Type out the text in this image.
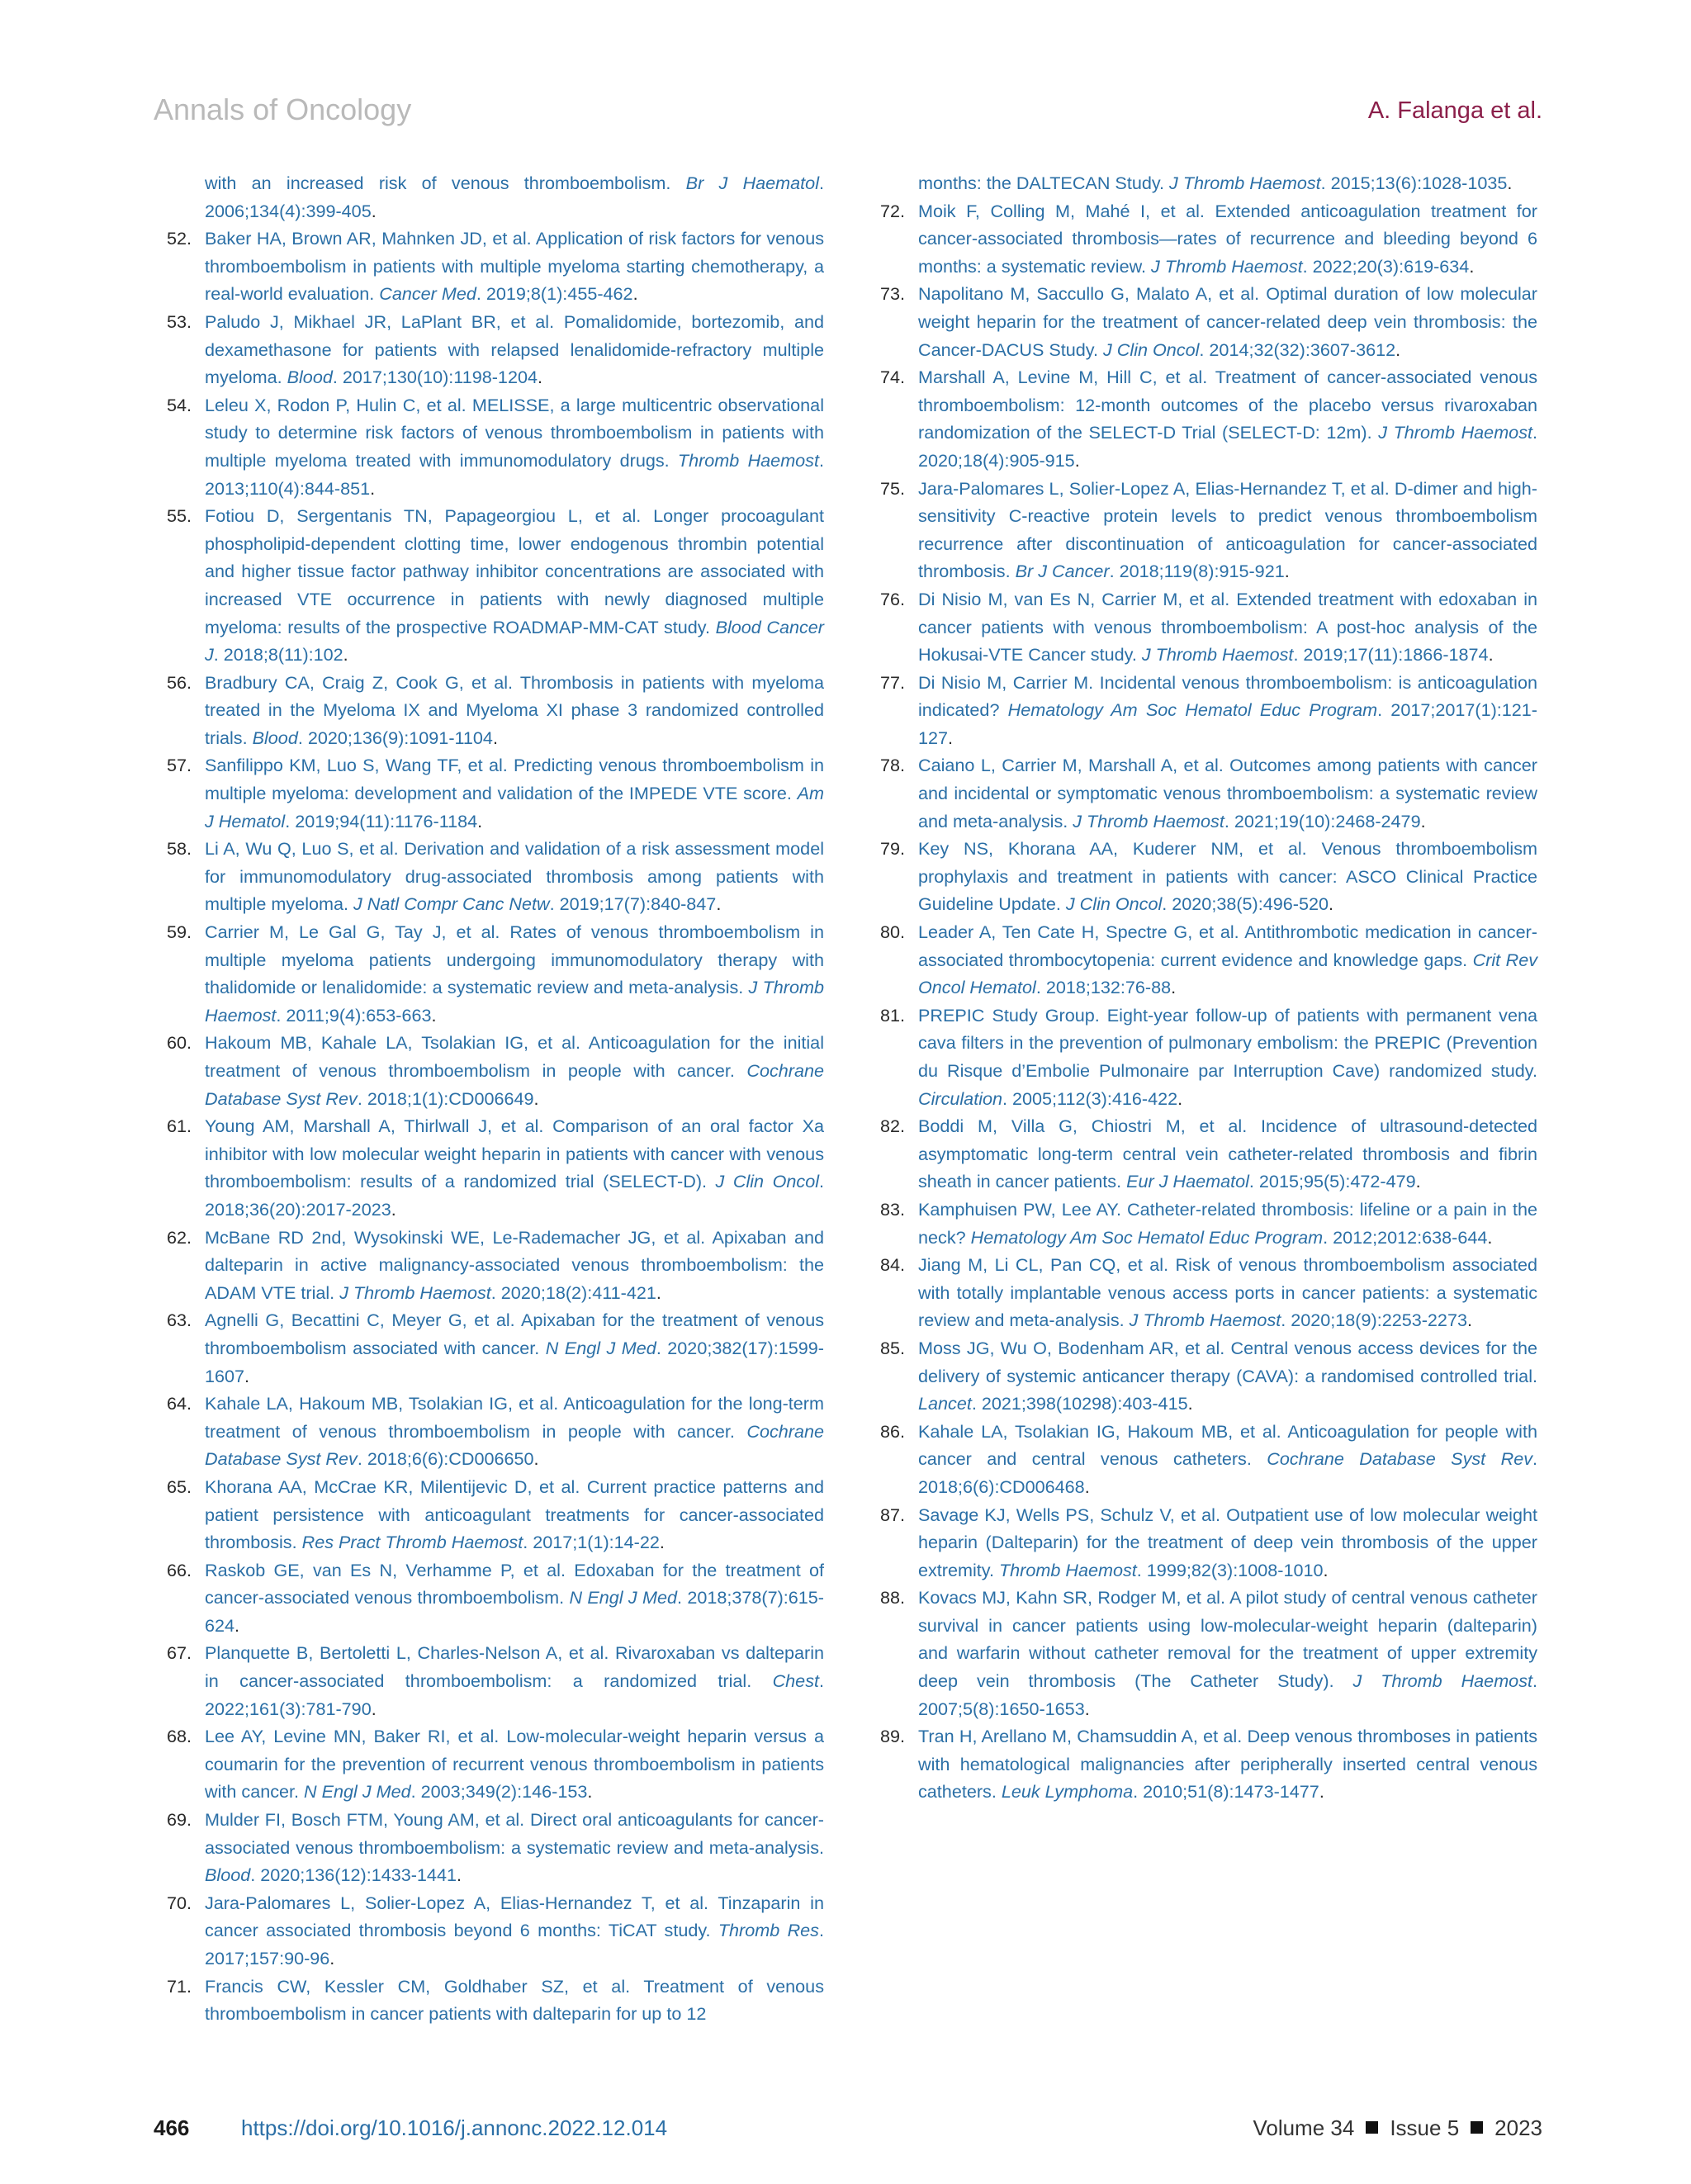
Annals of Oncology	A. Falanga et al.
with an increased risk of venous thromboembolism. Br J Haematol. 2006;134(4):399-405.
52. Baker HA, Brown AR, Mahnken JD, et al. Application of risk factors for venous thromboembolism in patients with multiple myeloma starting chemotherapy, a real-world evaluation. Cancer Med. 2019;8(1):455-462.
53. Paludo J, Mikhael JR, LaPlant BR, et al. Pomalidomide, bortezomib, and dexamethasone for patients with relapsed lenalidomide-refractory multiple myeloma. Blood. 2017;130(10):1198-1204.
54. Leleu X, Rodon P, Hulin C, et al. MELISSE, a large multicentric observational study to determine risk factors of venous thromboembolism in patients with multiple myeloma treated with immunomodulatory drugs. Thromb Haemost. 2013;110(4):844-851.
55. Fotiou D, Sergentanis TN, Papageorgiou L, et al. Longer procoagulant phospholipid-dependent clotting time, lower endogenous thrombin potential and higher tissue factor pathway inhibitor concentrations are associated with increased VTE occurrence in patients with newly diagnosed multiple myeloma: results of the prospective ROADMAP-MM-CAT study. Blood Cancer J. 2018;8(11):102.
56. Bradbury CA, Craig Z, Cook G, et al. Thrombosis in patients with myeloma treated in the Myeloma IX and Myeloma XI phase 3 randomized controlled trials. Blood. 2020;136(9):1091-1104.
57. Sanfilippo KM, Luo S, Wang TF, et al. Predicting venous thromboembolism in multiple myeloma: development and validation of the IMPEDE VTE score. Am J Hematol. 2019;94(11):1176-1184.
58. Li A, Wu Q, Luo S, et al. Derivation and validation of a risk assessment model for immunomodulatory drug-associated thrombosis among patients with multiple myeloma. J Natl Compr Canc Netw. 2019;17(7):840-847.
59. Carrier M, Le Gal G, Tay J, et al. Rates of venous thromboembolism in multiple myeloma patients undergoing immunomodulatory therapy with thalidomide or lenalidomide: a systematic review and meta-analysis. J Thromb Haemost. 2011;9(4):653-663.
60. Hakoum MB, Kahale LA, Tsolakian IG, et al. Anticoagulation for the initial treatment of venous thromboembolism in people with cancer. Cochrane Database Syst Rev. 2018;1(1):CD006649.
61. Young AM, Marshall A, Thirlwall J, et al. Comparison of an oral factor Xa inhibitor with low molecular weight heparin in patients with cancer with venous thromboembolism: results of a randomized trial (SELECT-D). J Clin Oncol. 2018;36(20):2017-2023.
62. McBane RD 2nd, Wysokinski WE, Le-Rademacher JG, et al. Apixaban and dalteparin in active malignancy-associated venous thromboembolism: the ADAM VTE trial. J Thromb Haemost. 2020;18(2):411-421.
63. Agnelli G, Becattini C, Meyer G, et al. Apixaban for the treatment of venous thromboembolism associated with cancer. N Engl J Med. 2020;382(17):1599-1607.
64. Kahale LA, Hakoum MB, Tsolakian IG, et al. Anticoagulation for the long-term treatment of venous thromboembolism in people with cancer. Cochrane Database Syst Rev. 2018;6(6):CD006650.
65. Khorana AA, McCrae KR, Milentijevic D, et al. Current practice patterns and patient persistence with anticoagulant treatments for cancer-associated thrombosis. Res Pract Thromb Haemost. 2017;1(1):14-22.
66. Raskob GE, van Es N, Verhamme P, et al. Edoxaban for the treatment of cancer-associated venous thromboembolism. N Engl J Med. 2018;378(7):615-624.
67. Planquette B, Bertoletti L, Charles-Nelson A, et al. Rivaroxaban vs dalteparin in cancer-associated thromboembolism: a randomized trial. Chest. 2022;161(3):781-790.
68. Lee AY, Levine MN, Baker RI, et al. Low-molecular-weight heparin versus a coumarin for the prevention of recurrent venous thromboembolism in patients with cancer. N Engl J Med. 2003;349(2):146-153.
69. Mulder FI, Bosch FTM, Young AM, et al. Direct oral anticoagulants for cancer-associated venous thromboembolism: a systematic review and meta-analysis. Blood. 2020;136(12):1433-1441.
70. Jara-Palomares L, Solier-Lopez A, Elias-Hernandez T, et al. Tinzaparin in cancer associated thrombosis beyond 6 months: TiCAT study. Thromb Res. 2017;157:90-96.
71. Francis CW, Kessler CM, Goldhaber SZ, et al. Treatment of venous thromboembolism in cancer patients with dalteparin for up to 12
months: the DALTECAN Study. J Thromb Haemost. 2015;13(6):1028-1035.
72. Moik F, Colling M, Mahé I, et al. Extended anticoagulation treatment for cancer-associated thrombosis—rates of recurrence and bleeding beyond 6 months: a systematic review. J Thromb Haemost. 2022;20(3):619-634.
73. Napolitano M, Saccullo G, Malato A, et al. Optimal duration of low molecular weight heparin for the treatment of cancer-related deep vein thrombosis: the Cancer-DACUS Study. J Clin Oncol. 2014;32(32):3607-3612.
74. Marshall A, Levine M, Hill C, et al. Treatment of cancer-associated venous thromboembolism: 12-month outcomes of the placebo versus rivaroxaban randomization of the SELECT-D Trial (SELECT-D: 12m). J Thromb Haemost. 2020;18(4):905-915.
75. Jara-Palomares L, Solier-Lopez A, Elias-Hernandez T, et al. D-dimer and high-sensitivity C-reactive protein levels to predict venous thromboembolism recurrence after discontinuation of anticoagulation for cancer-associated thrombosis. Br J Cancer. 2018;119(8):915-921.
76. Di Nisio M, van Es N, Carrier M, et al. Extended treatment with edoxaban in cancer patients with venous thromboembolism: A post-hoc analysis of the Hokusai-VTE Cancer study. J Thromb Haemost. 2019;17(11):1866-1874.
77. Di Nisio M, Carrier M. Incidental venous thromboembolism: is anticoagulation indicated? Hematology Am Soc Hematol Educ Program. 2017;2017(1):121-127.
78. Caiano L, Carrier M, Marshall A, et al. Outcomes among patients with cancer and incidental or symptomatic venous thromboembolism: a systematic review and meta-analysis. J Thromb Haemost. 2021;19(10):2468-2479.
79. Key NS, Khorana AA, Kuderer NM, et al. Venous thromboembolism prophylaxis and treatment in patients with cancer: ASCO Clinical Practice Guideline Update. J Clin Oncol. 2020;38(5):496-520.
80. Leader A, Ten Cate H, Spectre G, et al. Antithrombotic medication in cancer-associated thrombocytopenia: current evidence and knowledge gaps. Crit Rev Oncol Hematol. 2018;132:76-88.
81. PREPIC Study Group. Eight-year follow-up of patients with permanent vena cava filters in the prevention of pulmonary embolism: the PREPIC (Prevention du Risque d’Embolie Pulmonaire par Interruption Cave) randomized study. Circulation. 2005;112(3):416-422.
82. Boddi M, Villa G, Chiostri M, et al. Incidence of ultrasound-detected asymptomatic long-term central vein catheter-related thrombosis and fibrin sheath in cancer patients. Eur J Haematol. 2015;95(5):472-479.
83. Kamphuisen PW, Lee AY. Catheter-related thrombosis: lifeline or a pain in the neck? Hematology Am Soc Hematol Educ Program. 2012;2012:638-644.
84. Jiang M, Li CL, Pan CQ, et al. Risk of venous thromboembolism associated with totally implantable venous access ports in cancer patients: a systematic review and meta-analysis. J Thromb Haemost. 2020;18(9):2253-2273.
85. Moss JG, Wu O, Bodenham AR, et al. Central venous access devices for the delivery of systemic anticancer therapy (CAVA): a randomised controlled trial. Lancet. 2021;398(10298):403-415.
86. Kahale LA, Tsolakian IG, Hakoum MB, et al. Anticoagulation for people with cancer and central venous catheters. Cochrane Database Syst Rev. 2018;6(6):CD006468.
87. Savage KJ, Wells PS, Schulz V, et al. Outpatient use of low molecular weight heparin (Dalteparin) for the treatment of deep vein thrombosis of the upper extremity. Thromb Haemost. 1999;82(3):1008-1010.
88. Kovacs MJ, Kahn SR, Rodger M, et al. A pilot study of central venous catheter survival in cancer patients using low-molecular-weight heparin (dalteparin) and warfarin without catheter removal for the treatment of upper extremity deep vein thrombosis (The Catheter Study). J Thromb Haemost. 2007;5(8):1650-1653.
89. Tran H, Arellano M, Chamsuddin A, et al. Deep venous thromboses in patients with hematological malignancies after peripherally inserted central venous catheters. Leuk Lymphoma. 2010;51(8):1473-1477.
466 https://doi.org/10.1016/j.annonc.2022.12.014	Volume 34 Issue 5 2023
